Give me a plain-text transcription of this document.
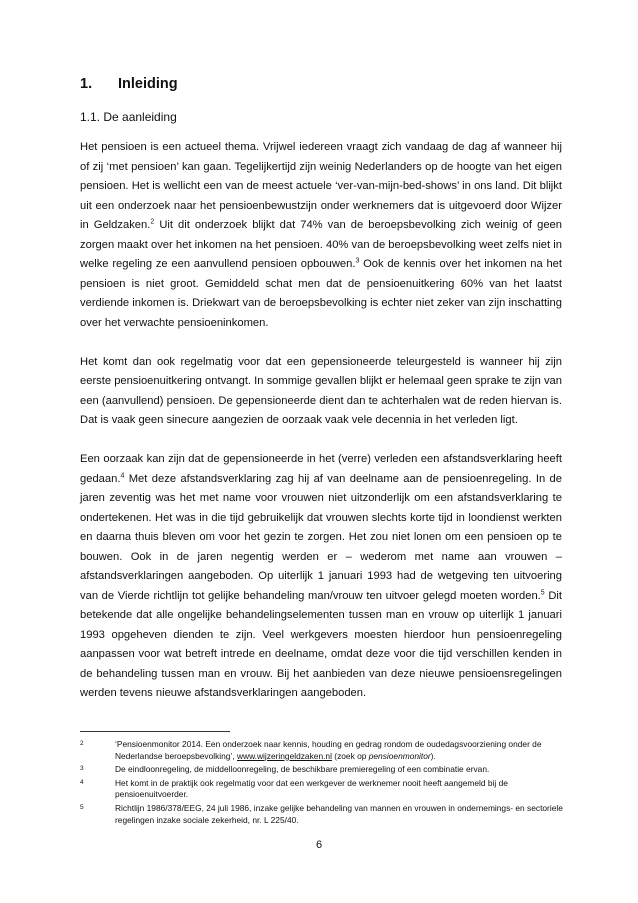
1. Inleiding
1.1. De aanleiding

Het pensioen is een actueel thema. Vrijwel iedereen vraagt zich vandaag de dag af wanneer hij of zij ‘met pensioen’ kan gaan. Tegelijkertijd zijn weinig Nederlanders op de hoogte van het eigen pensioen. Het is wellicht een van de meest actuele ‘ver-van-mijn-bed-shows’ in ons land. Dit blijkt uit een onderzoek naar het pensioenbewustzijn onder werknemers dat is uitgevoerd door Wijzer in Geldzaken.$^2$ Uit dit onderzoek blijkt dat 74% van de beroepsbevolking zich weinig of geen zorgen maakt over het inkomen na het pensioen. 40% van de beroepsbevolking weet zelfs niet in welke regeling ze een aanvullend pensioen opbouwen.$^3$ Ook de kennis over het inkomen na het pensioen is niet groot. Gemiddeld schat men dat de pensioenuitkering 60% van het laatst verdiende inkomen is. Driekwart van de beroepsbevolking is echter niet zeker van zijn inschatting over het verwachte pensioeninkomen.

Het komt dan ook regelmatig voor dat een gepensioneerde teleurgesteld is wanneer hij zijn eerste pensioenuitkering ontvangt. In sommige gevallen blijkt er helemaal geen sprake te zijn van een (aanvullend) pensioen. De gepensioneerde dient dan te achterhalen wat de reden hiervan is. Dat is vaak geen sinecure aangezien de oorzaak vaak vele decennia in het verleden ligt.

Een oorzaak kan zijn dat de gepensioneerde in het (verre) verleden een afstandsverklaring heeft gedaan.$^4$ Met deze afstandsverklaring zag hij af van deelname aan de pensioenregeling. In de jaren zeventig was het met name voor vrouwen niet uitzonderlijk om een afstandsverklaring te ondertekenen. Het was in die tijd gebruikelijk dat vrouwen slechts korte tijd in loondienst werkten en daarna thuis bleven om voor het gezin te zorgen. Het zou niet lonen om een pensioen op te bouwen. Ook in de jaren negentig werden er – wederom met name aan vrouwen – afstandsverklaringen aangeboden. Op uiterlijk 1 januari 1993 had de wetgeving ten uitvoering van de Vierde richtlijn tot gelijke behandeling man/vrouw ten uitvoer gelegd moeten worden.$^5$ Dit betekende dat alle ongelijke behandelingselementen tussen man en vrouw op uiterlijk 1 januari 1993 opgeheven dienden te zijn. Veel werkgevers moesten hierdoor hun pensioenregeling aanpassen voor wat betreft intrede en deelname, omdat deze voor die tijd verschillen kenden in de behandeling tussen man en vrouw. Bij het aanbieden van deze nieuwe pensioensregelingen werden tevens nieuwe afstandsverklaringen aangeboden.

2	‘Pensioenmonitor 2014. Een onderzoek naar kennis, houding en gedrag rondom de oudedagsvoorziening onder de Nederlandse beroepsbevolking’, www.wijzeringeldzaken.nl (zoek op pensioenmonitor).
3	De eindloonregeling, de middelloonregeling, de beschikbare premieregeling of een combinatie ervan.
4	Het komt in de praktijk ook regelmatig voor dat een werkgever de werknemer nooit heeft aangemeld bij de pensioenuitvoerder.
5	Richtlijn 1986/378/EEG, 24 juli 1986, inzake gelijke behandeling van mannen en vrouwen in ondernemings- en sectoriele regelingen inzake sociale zekerheid, nr. L 225/40.
6
